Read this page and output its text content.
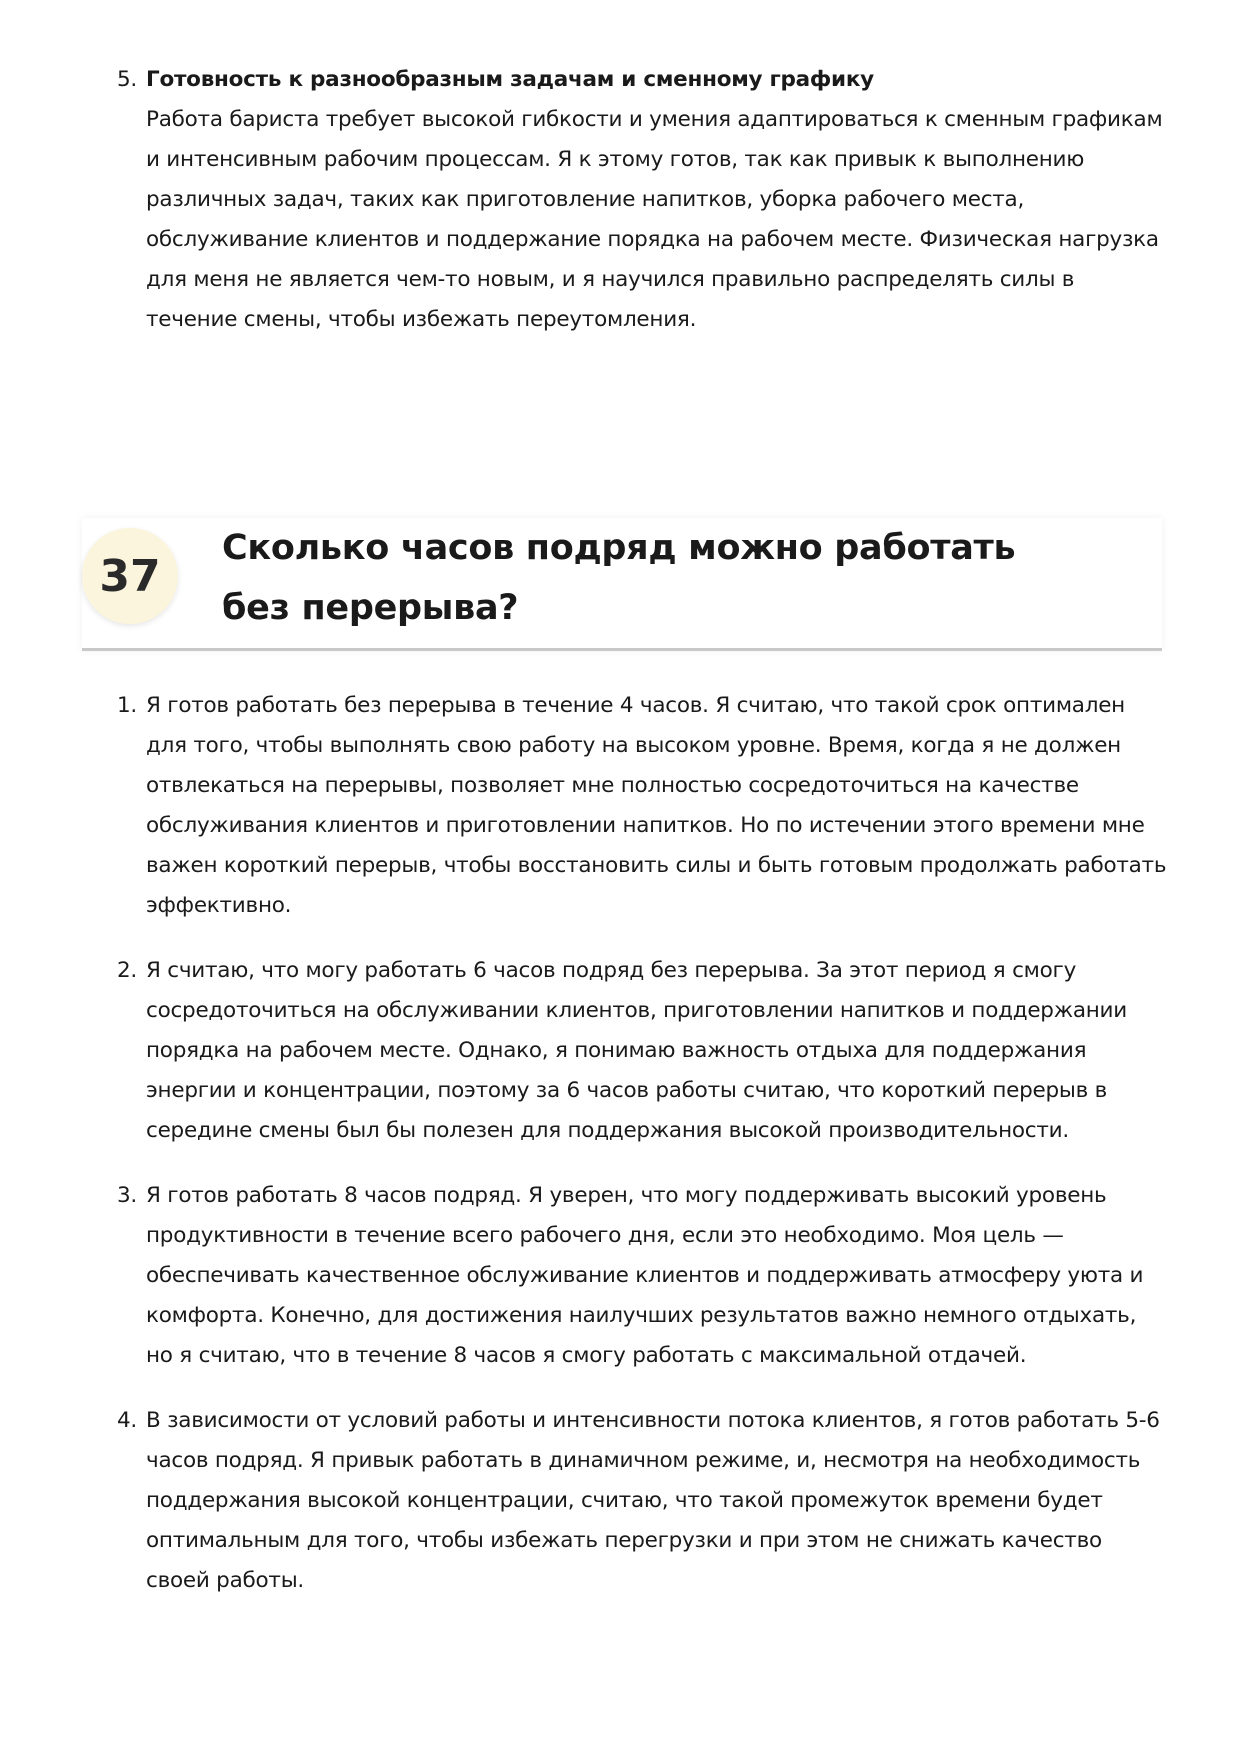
5. Готовность к разнообразным задачам и сменному графику
Работа бариста требует высокой гибкости и умения адаптироваться к сменным графикам и интенсивным рабочим процессам. Я к этому готов, так как привык к выполнению различных задач, таких как приготовление напитков, уборка рабочего места, обслуживание клиентов и поддержание порядка на рабочем месте. Физическая нагрузка для меня не является чем-то новым, и я научился правильно распределять силы в течение смены, чтобы избежать переутомления.
37
Сколько часов подряд можно работать без перерыва?
1. Я готов работать без перерыва в течение 4 часов. Я считаю, что такой срок оптимален для того, чтобы выполнять свою работу на высоком уровне. Время, когда я не должен отвлекаться на перерывы, позволяет мне полностью сосредоточиться на качестве обслуживания клиентов и приготовлении напитков. Но по истечении этого времени мне важен короткий перерыв, чтобы восстановить силы и быть готовым продолжать работать эффективно.
2. Я считаю, что могу работать 6 часов подряд без перерыва. За этот период я смогу сосредоточиться на обслуживании клиентов, приготовлении напитков и поддержании порядка на рабочем месте. Однако, я понимаю важность отдыха для поддержания энергии и концентрации, поэтому за 6 часов работы считаю, что короткий перерыв в середине смены был бы полезен для поддержания высокой производительности.
3. Я готов работать 8 часов подряд. Я уверен, что могу поддерживать высокий уровень продуктивности в течение всего рабочего дня, если это необходимо. Моя цель — обеспечивать качественное обслуживание клиентов и поддерживать атмосферу уюта и комфорта. Конечно, для достижения наилучших результатов важно немного отдыхать, но я считаю, что в течение 8 часов я смогу работать с максимальной отдачей.
4. В зависимости от условий работы и интенсивности потока клиентов, я готов работать 5-6 часов подряд. Я привык работать в динамичном режиме, и, несмотря на необходимость поддержания высокой концентрации, считаю, что такой промежуток времени будет оптимальным для того, чтобы избежать перегрузки и при этом не снижать качество своей работы.
